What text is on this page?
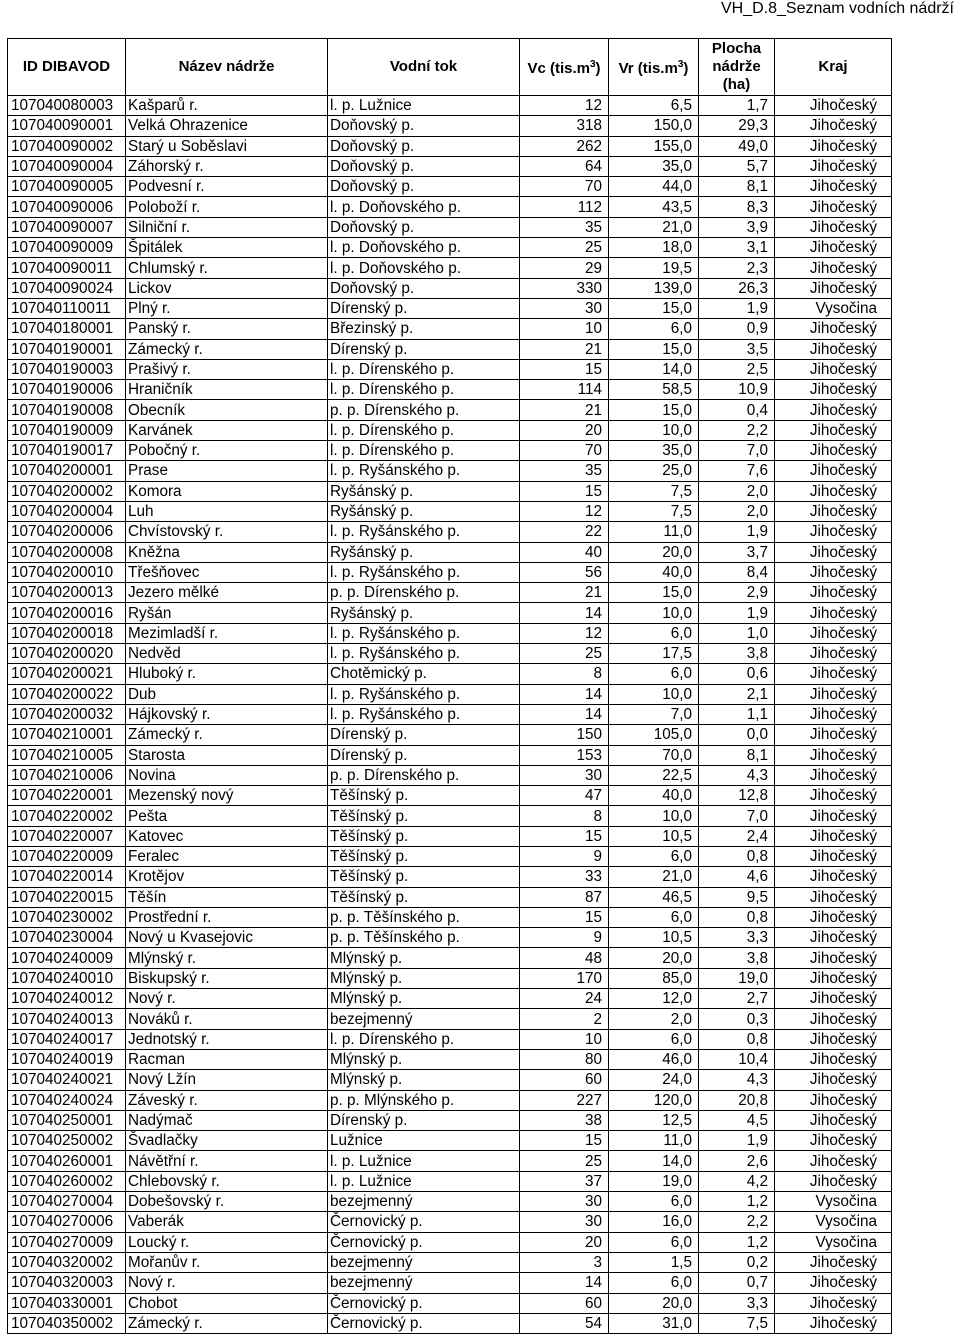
VH_D.8_Seznam vodních nádrží
ID DIBAVOD	Název nádrže	Vodní tok	Vc $(tis.m^3)$	Vr $(tis.m^3)$	Plocha nádrže (ha)	Kraj
107040080003	Kašparů r.	l. p. Lužnice	12	6,5	1,7	Jihočeský
107040090001	Velká Ohrazenice	Doňovský p.	318	150,0	29,3	Jihočeský
107040090002	Starý u Soběslavi	Doňovský p.	262	155,0	49,0	Jihočeský
107040090004	Záhorský r.	Doňovský p.	64	35,0	5,7	Jihočeský
107040090005	Podvesní r.	Doňovský p.	70	44,0	8,1	Jihočeský
107040090006	Poloboží r.	l. p. Doňovského p.	112	43,5	8,3	Jihočeský
107040090007	Silniční r.	Doňovský p.	35	21,0	3,9	Jihočeský
107040090009	Špitálek	l. p. Doňovského p.	25	18,0	3,1	Jihočeský
107040090011	Chlumský r.	l. p. Doňovského p.	29	19,5	2,3	Jihočeský
107040090024	Lickov	Doňovský p.	330	139,0	26,3	Jihočeský
107040110011	Plný r.	Dírenský p.	30	15,0	1,9	Vysočina
107040180001	Panský r.	Březinský p.	10	6,0	0,9	Jihočeský
107040190001	Zámecký r.	Dírenský p.	21	15,0	3,5	Jihočeský
107040190003	Prašivý r.	l. p. Dírenského p.	15	14,0	2,5	Jihočeský
107040190006	Hraničník	l. p. Dírenského p.	114	58,5	10,9	Jihočeský
107040190008	Obecník	p. p. Dírenského p.	21	15,0	0,4	Jihočeský
107040190009	Karvánek	l. p. Dírenského p.	20	10,0	2,2	Jihočeský
107040190017	Pobočný r.	l. p. Dírenského p.	70	35,0	7,0	Jihočeský
107040200001	Prase	l. p. Ryšánského p.	35	25,0	7,6	Jihočeský
107040200002	Komora	Ryšánský p.	15	7,5	2,0	Jihočeský
107040200004	Luh	Ryšánský p.	12	7,5	2,0	Jihočeský
107040200006	Chvístovský r.	l. p. Ryšánského p.	22	11,0	1,9	Jihočeský
107040200008	Kněžna	Ryšánský p.	40	20,0	3,7	Jihočeský
107040200010	Třešňovec	l. p. Ryšánského p.	56	40,0	8,4	Jihočeský
107040200013	Jezero mělké	p. p. Dírenského p.	21	15,0	2,9	Jihočeský
107040200016	Ryšán	Ryšánský p.	14	10,0	1,9	Jihočeský
107040200018	Mezimladší r.	l. p. Ryšánského p.	12	6,0	1,0	Jihočeský
107040200020	Nedvěd	l. p. Ryšánského p.	25	17,5	3,8	Jihočeský
107040200021	Hluboký r.	Chotěmický p.	8	6,0	0,6	Jihočeský
107040200022	Dub	l. p. Ryšánského p.	14	10,0	2,1	Jihočeský
107040200032	Hájkovský r.	l. p. Ryšánského p.	14	7,0	1,1	Jihočeský
107040210001	Zámecký r.	Dírenský p.	150	105,0	0,0	Jihočeský
107040210005	Starosta	Dírenský p.	153	70,0	8,1	Jihočeský
107040210006	Novina	p. p. Dírenského p.	30	22,5	4,3	Jihočeský
107040220001	Mezenský nový	Těšínský p.	47	40,0	12,8	Jihočeský
107040220002	Pešta	Těšínský p.	8	10,0	7,0	Jihočeský
107040220007	Katovec	Těšínský p.	15	10,5	2,4	Jihočeský
107040220009	Feralec	Těšínský p.	9	6,0	0,8	Jihočeský
107040220014	Krotějov	Těšínský p.	33	21,0	4,6	Jihočeský
107040220015	Těšín	Těšínský p.	87	46,5	9,5	Jihočeský
107040230002	Prostřední r.	p. p. Těšínského p.	15	6,0	0,8	Jihočeský
107040230004	Nový u Kvasejovic	p. p. Těšínského p.	9	10,5	3,3	Jihočeský
107040240009	Mlýnský r.	Mlýnský p.	48	20,0	3,8	Jihočeský
107040240010	Biskupský r.	Mlýnský p.	170	85,0	19,0	Jihočeský
107040240012	Nový r.	Mlýnský p.	24	12,0	2,7	Jihočeský
107040240013	Nováků r.	bezejmenný	2	2,0	0,3	Jihočeský
107040240017	Jednotský r.	l. p. Dírenského p.	10	6,0	0,8	Jihočeský
107040240019	Racman	Mlýnský p.	80	46,0	10,4	Jihočeský
107040240021	Nový Lžín	Mlýnský p.	60	24,0	4,3	Jihočeský
107040240024	Záveský r.	p. p. Mlýnského p.	227	120,0	20,8	Jihočeský
107040250001	Nadýmač	Dírenský p.	38	12,5	4,5	Jihočeský
107040250002	Švadlačky	Lužnice	15	11,0	1,9	Jihočeský
107040260001	Návětřní r.	l. p. Lužnice	25	14,0	2,6	Jihočeský
107040260002	Chlebovský r.	l. p. Lužnice	37	19,0	4,2	Jihočeský
107040270004	Dobešovský r.	bezejmenný	30	6,0	1,2	Vysočina
107040270006	Vaberák	Černovický p.	30	16,0	2,2	Vysočina
107040270009	Loucký r.	Černovický p.	20	6,0	1,2	Vysočina
107040320002	Mořanův r.	bezejmenný	3	1,5	0,2	Jihočeský
107040320003	Nový r.	bezejmenný	14	6,0	0,7	Jihočeský
107040330001	Chobot	Černovický p.	60	20,0	3,3	Jihočeský
107040350002	Zámecký r.	Černovický p.	54	31,0	7,5	Jihočeský
